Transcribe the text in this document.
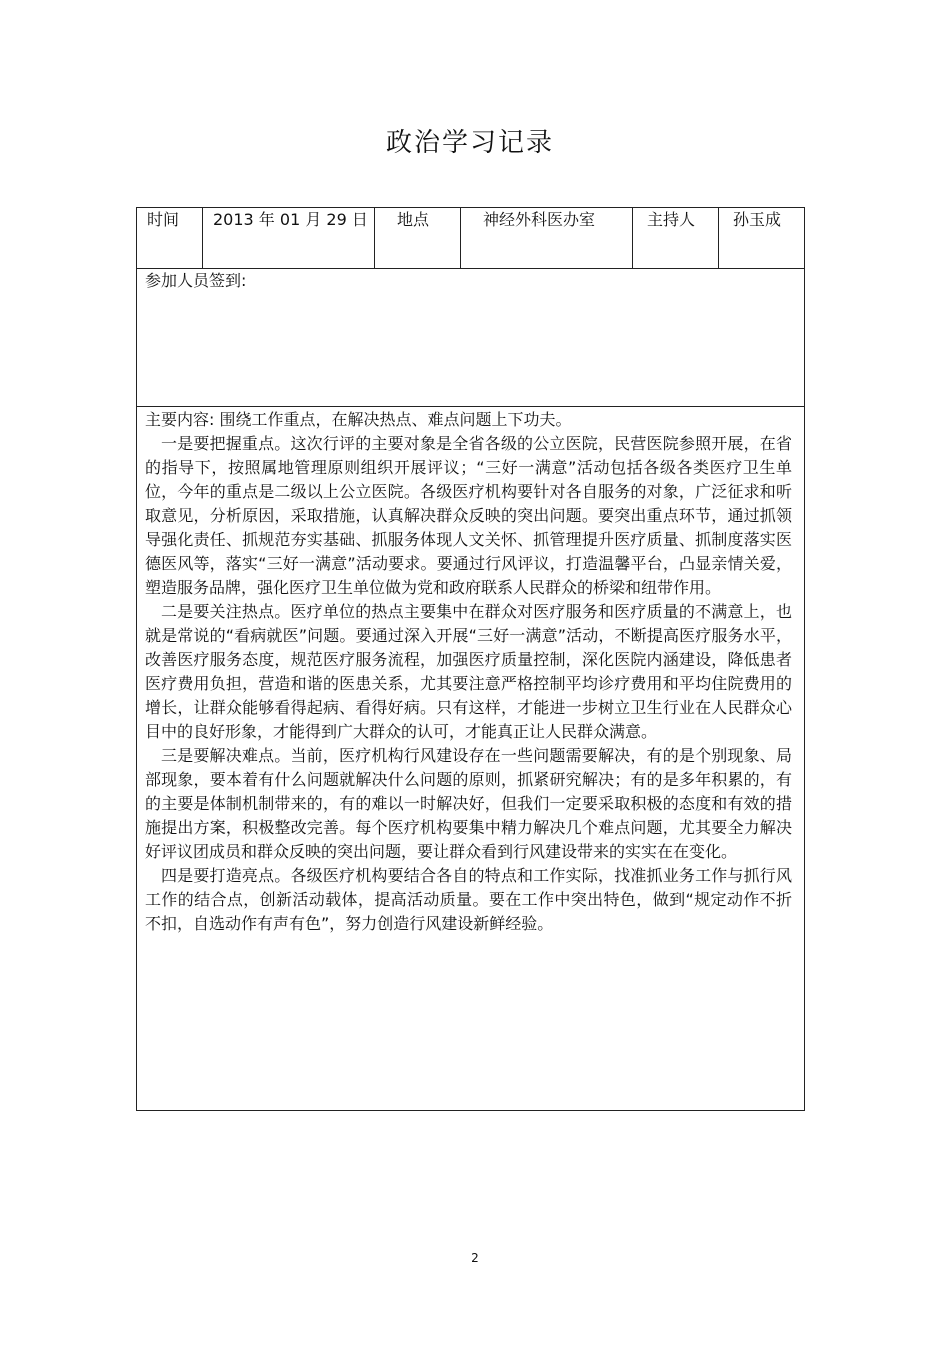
政治学习记录
时间	2013 年 01 月 29 日	地点	神经外科医办室	主持人	孙玉成

参加人员签到:

主要内容: 围绕工作重点，在解决热点、难点问题上下功夫。

一是要把握重点。这次行评的主要对象是全省各级的公立医院，民营医院参照开展，在省的指导下，按照属地管理原则组织开展评议；“三好一满意”活动包括各级各类医疗卫生单位，今年的重点是二级以上公立医院。各级医疗机构要针对各自服务的对象，广泛征求和听取意见，分析原因，采取措施，认真解决群众反映的突出问题。要突出重点环节，通过抓领导强化责任、抓规范夯实基础、抓服务体现人文关怀、抓管理提升医疗质量、抓制度落实医德医风等，落实“三好一满意”活动要求。要通过行风评议，打造温馨平台，凸显亲情关爱，塑造服务品牌，强化医疗卫生单位做为党和政府联系人民群众的桥梁和纽带作用。

二是要关注热点。医疗单位的热点主要集中在群众对医疗服务和医疗质量的不满意上，也就是常说的“看病就医”问题。要通过深入开展“三好一满意”活动，不断提高医疗服务水平，改善医疗服务态度，规范医疗服务流程，加强医疗质量控制，深化医院内涵建设，降低患者医疗费用负担，营造和谐的医患关系，尤其要注意严格控制平均诊疗费用和平均住院费用的增长，让群众能够看得起病、看得好病。只有这样，才能进一步树立卫生行业在人民群众心目中的良好形象，才能得到广大群众的认可，才能真正让人民群众满意。

三是要解决难点。当前，医疗机构行风建设存在一些问题需要解决，有的是个别现象、局部现象，要本着有什么问题就解决什么问题的原则，抓紧研究解决；有的是多年积累的，有的主要是体制机制带来的，有的难以一时解决好，但我们一定要采取积极的态度和有效的措施提出方案，积极整改完善。每个医疗机构要集中精力解决几个难点问题，尤其要全力解决好评议团成员和群众反映的突出问题，要让群众看到行风建设带来的实实在在变化。

四是要打造亮点。各级医疗机构要结合各自的特点和工作实际，找准抓业务工作与抓行风工作的结合点，创新活动载体，提高活动质量。要在工作中突出特色，做到“规定动作不折不扣，自选动作有声有色”，努力创造行风建设新鲜经验。

2
